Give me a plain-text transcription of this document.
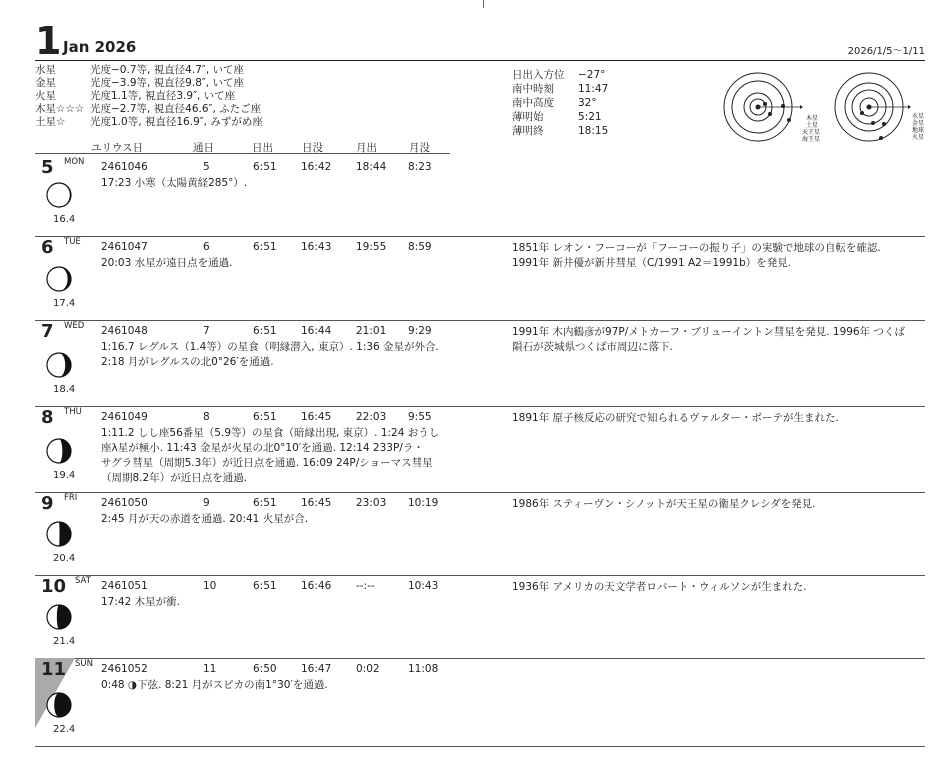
1 Jan 2026	2026/1/5～1/11
水星	光度−0.7等, 視直径4.7″, いて座
金星	光度−3.9等, 視直径9.8″, いて座
火星	光度1.1等, 視直径3.9″, いて座
木星☆☆☆ 光度−2.7等, 視直径46.6″, ふたご座
土星☆	光度1.0等, 視直径16.9″, みずがめ座
ユリウス日	通日	日出	日没	月出	月没
日出入方位	−27°
南中時刻	11:47
南中高度	32°
薄明始	5:21
薄明終	18:15
木星
土星
天王星
海王星
水星
金星
地球
火星
5 MON
16.4
2461046	5	6:51 16:42 18:44 8:23
17:23 小寒（太陽黄経285°）.
6 TUE
17.4
2461047	6	6:51 16:43 19:55 8:59
20:03 水星が遠日点を通過.
1851年 レオン・フーコーが「フーコーの振り子」の実験で地球の自転を確認.
1991年 新井優が新井彗星（C/1991 A2＝1991b）を発見.
7 WED
18.4
2461048	7	6:51 16:44 21:01 9:29
1:16.7 レグルス（1.4等）の星食（明縁潜入, 東京）. 1:36 金星が外合.
2:18 月がレグルスの北0°26′を通過.
1991年 木内鶴彦が97P/メトカーフ・ブリューイントン彗星を発見. 1996年 つくば
隕石が茨城県つくば市周辺に落下.
8 THU
19.4
2461049	8	6:51 16:45 22:03 9:55
1:11.2 しし座56番星（5.9等）の星食（暗縁出現, 東京）. 1:24 おうし
座λ星が極小. 11:43 金星が火星の北0°10′を通過. 12:14 233P/ラ・
サグラ彗星（周期5.3年）が近日点を通過. 16:09 24P/ショーマス彗星
（周期8.2年）が近日点を通過.
1891年 原子核反応の研究で知られるヴァルター・ボーテが生まれた.
9 FRI
20.4
2461050	9	6:51 16:45 23:03 10:19
2:45 月が天の赤道を通過. 20:41 火星が合.
1986年 スティーヴン・シノットが天王星の衛星クレシダを発見.
10 SAT
21.4
2461051	10	6:51 16:46 --:--	10:43
17:42 木星が衝.
1936年 アメリカの天文学者ロバート・ウィルソンが生まれた.
11 SUN
22.4
2461052	11	6:50 16:47 0:02	11:08
0:48 ◑下弦. 8:21 月がスピカの南1°30′を通過.
